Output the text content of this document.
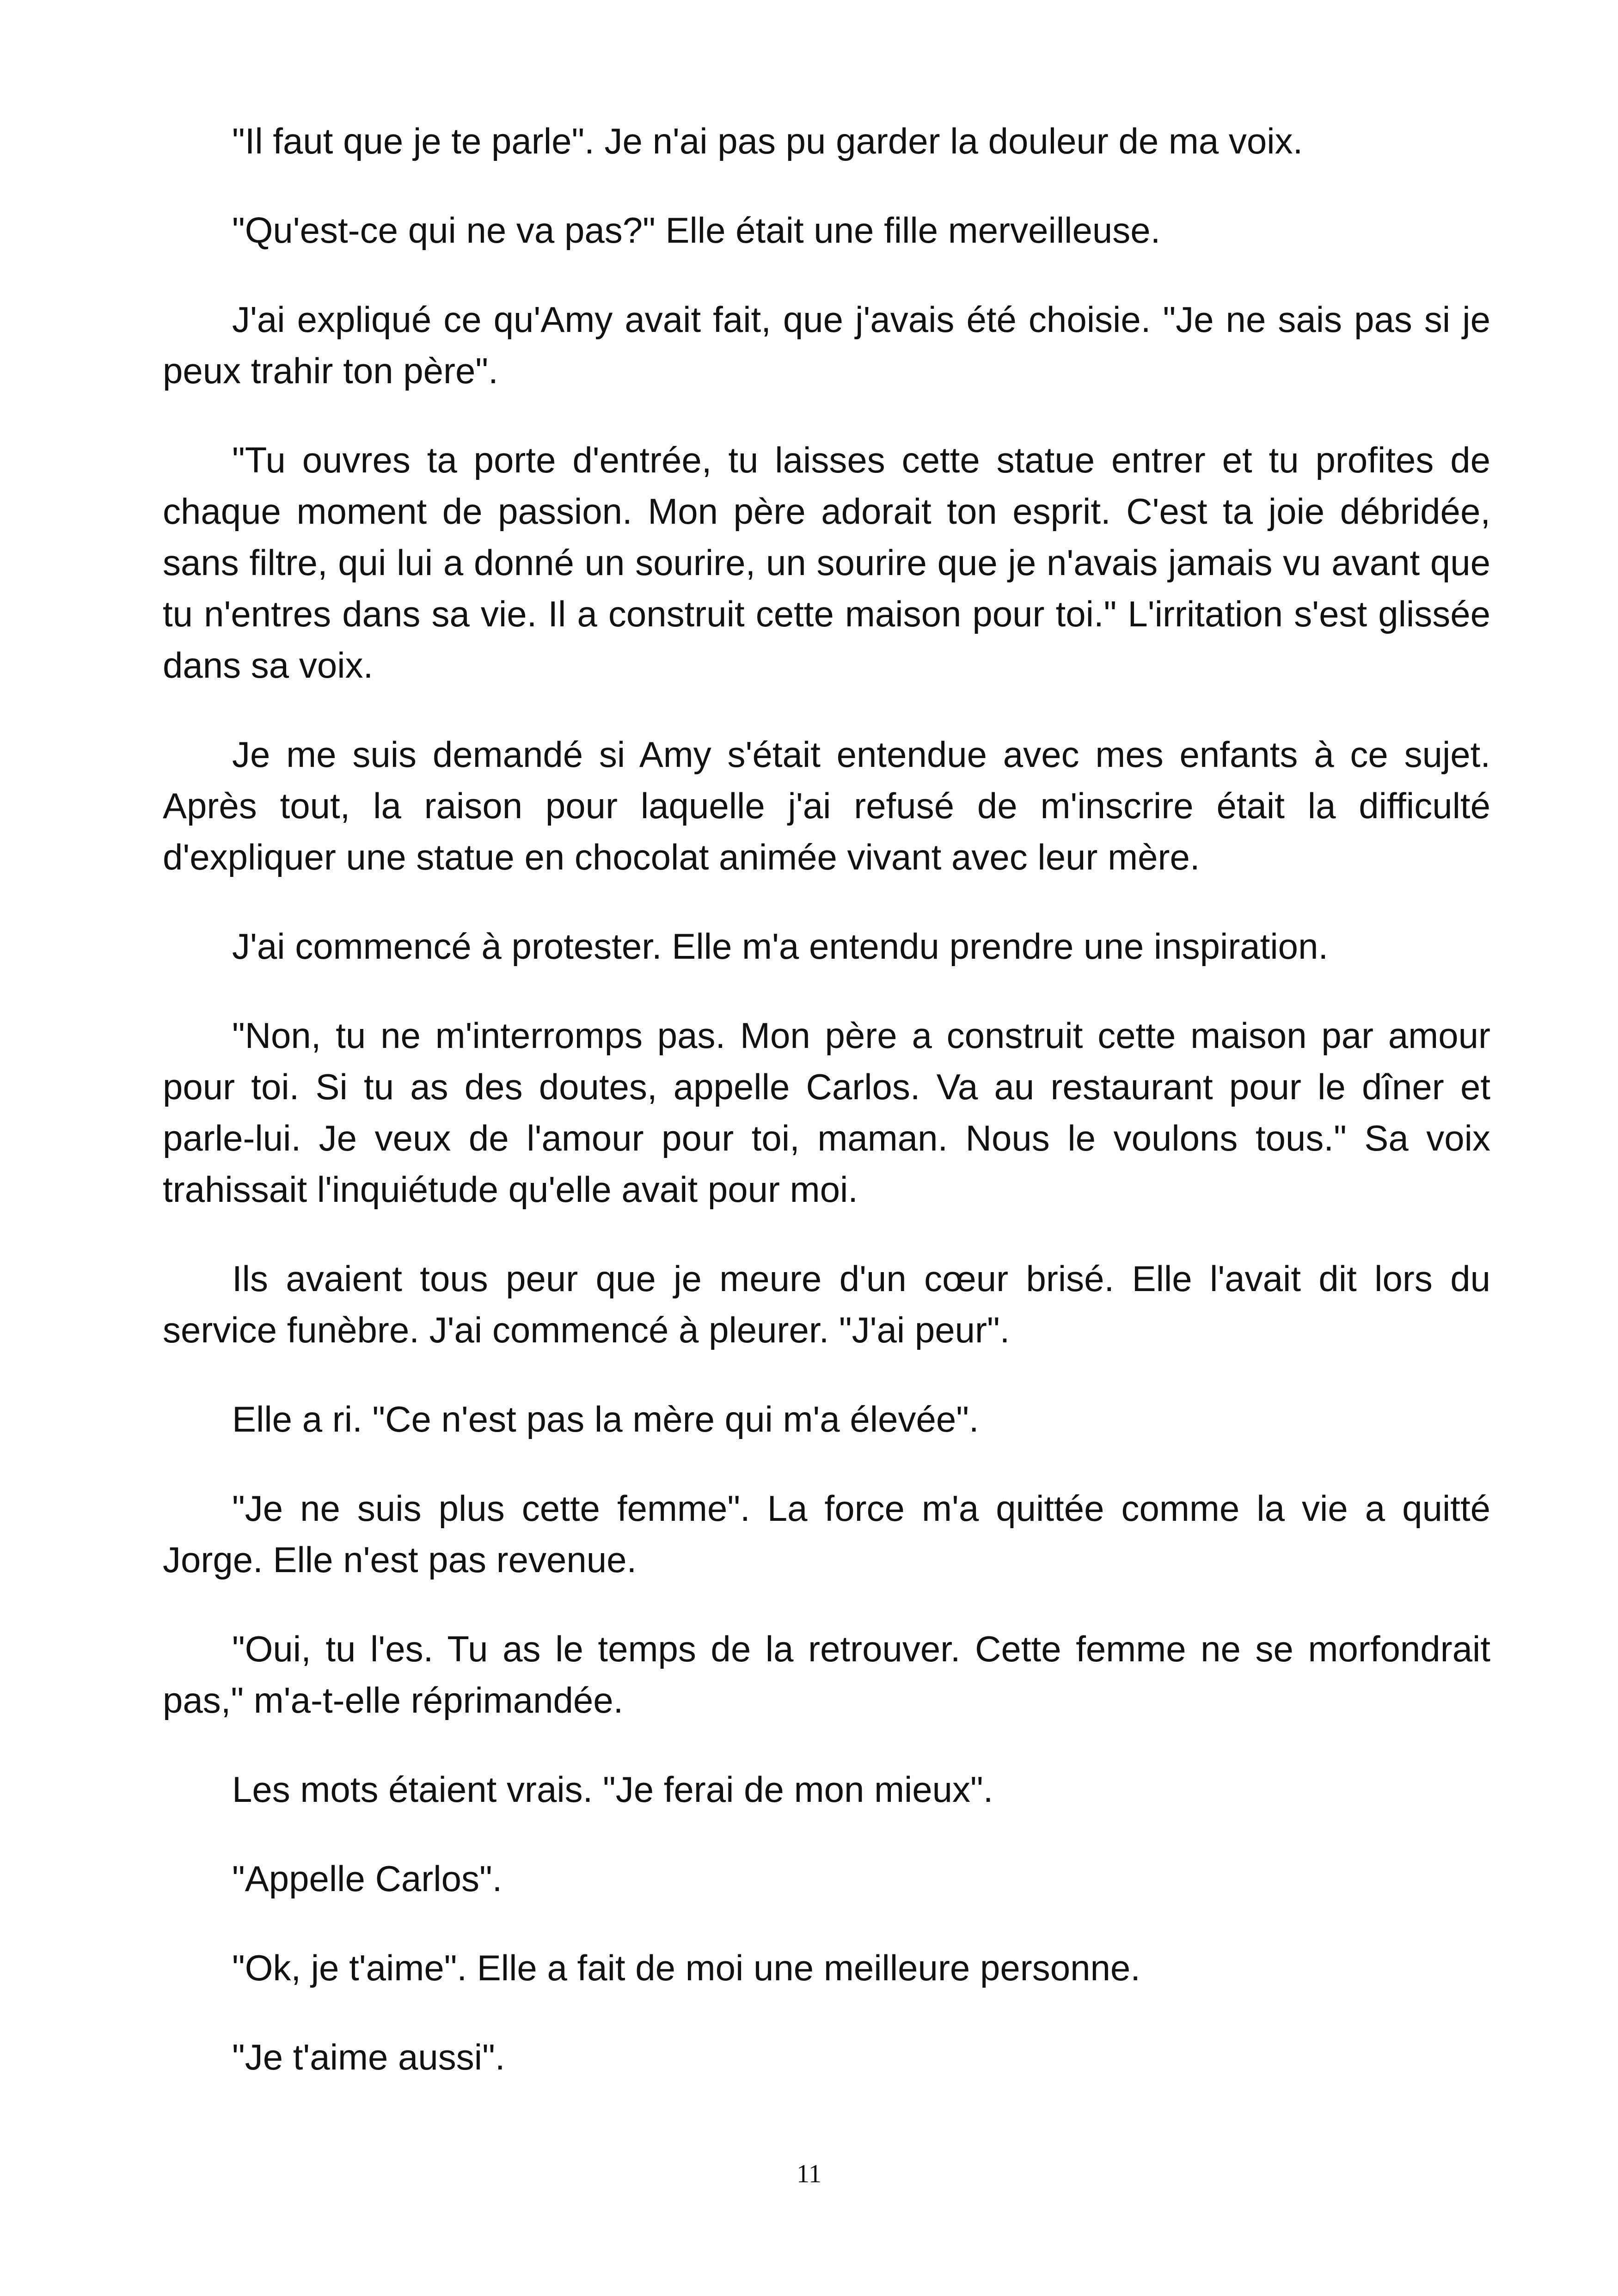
"Il faut que je te parle". Je n'ai pas pu garder la douleur de ma voix.

"Qu'est-ce qui ne va pas?" Elle était une fille merveilleuse.

J'ai expliqué ce qu'Amy avait fait, que j'avais été choisie. "Je ne sais pas si je peux trahir ton père".

"Tu ouvres ta porte d'entrée, tu laisses cette statue entrer et tu profites de chaque moment de passion. Mon père adorait ton esprit. C'est ta joie débridée, sans filtre, qui lui a donné un sourire, un sourire que je n'avais jamais vu avant que tu n'entres dans sa vie. Il a construit cette maison pour toi." L'irritation s'est glissée dans sa voix.

Je me suis demandé si Amy s'était entendue avec mes enfants à ce sujet. Après tout, la raison pour laquelle j'ai refusé de m'inscrire était la difficulté d'expliquer une statue en chocolat animée vivant avec leur mère.

J'ai commencé à protester. Elle m'a entendu prendre une inspiration.

"Non, tu ne m'interromps pas. Mon père a construit cette maison par amour pour toi. Si tu as des doutes, appelle Carlos. Va au restaurant pour le dîner et parle-lui. Je veux de l'amour pour toi, maman. Nous le voulons tous." Sa voix trahissait l'inquiétude qu'elle avait pour moi.

Ils avaient tous peur que je meure d'un cœur brisé. Elle l'avait dit lors du service funèbre. J'ai commencé à pleurer. "J'ai peur".

Elle a ri. "Ce n'est pas la mère qui m'a élevée".

"Je ne suis plus cette femme". La force m'a quittée comme la vie a quitté Jorge. Elle n'est pas revenue.

"Oui, tu l'es. Tu as le temps de la retrouver. Cette femme ne se morfondrait pas," m'a-t-elle réprimandée.

Les mots étaient vrais. "Je ferai de mon mieux".

"Appelle Carlos".

"Ok, je t'aime". Elle a fait de moi une meilleure personne.

"Je t'aime aussi".

11
